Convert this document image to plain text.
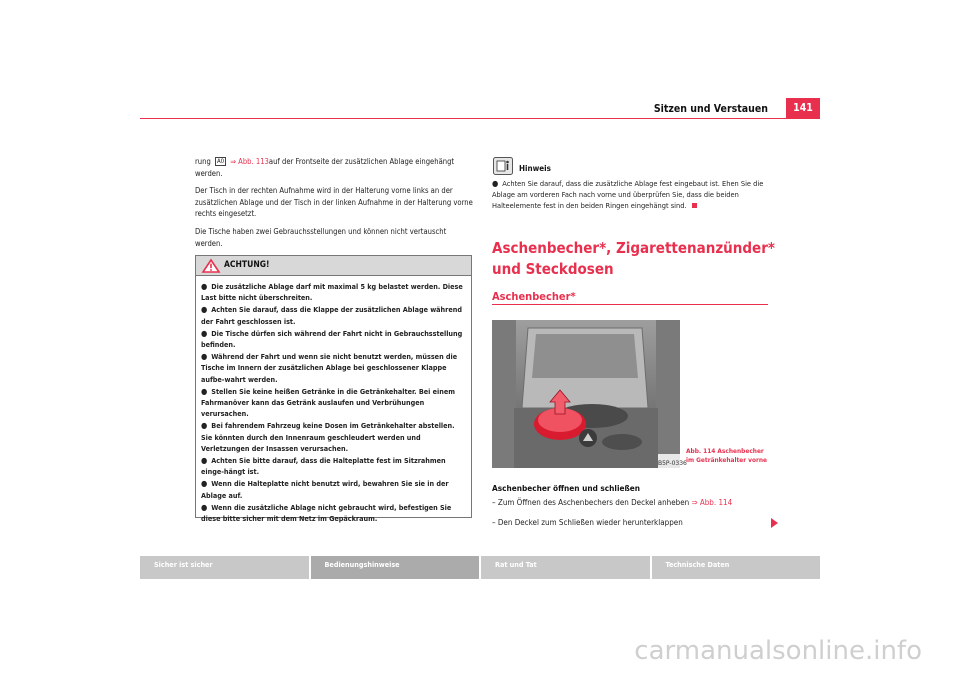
Sitzen und Verstauen	141

rung A0 ⇒ Abb. 113auf der Frontseite der zusätzlichen Ablage eingehängt werden.

Der Tisch in der rechten Aufnahme wird in der Halterung vorne links an der zusätzlichen Ablage und der Tisch in der linken Aufnahme in der Halterung vorne rechts eingesetzt.

Die Tische haben zwei Gebrauchsstellungen und können nicht vertauscht werden.

ACHTUNG!
● Die zusätzliche Ablage darf mit maximal 5 kg belastet werden. Diese Last bitte nicht überschreiten.
● Achten Sie darauf, dass die Klappe der zusätzlichen Ablage während der Fahrt geschlossen ist.
● Die Tische dürfen sich während der Fahrt nicht in Gebrauchsstellung befinden.
● Während der Fahrt und wenn sie nicht benutzt werden, müssen die Tische im Innern der zusätzlichen Ablage bei geschlossener Klappe aufbe-wahrt werden.
● Stellen Sie keine heißen Getränke in die Getränkehalter. Bei einem Fahrmanöver kann das Getränk auslaufen und Verbrühungen verursachen.
● Bei fahrendem Fahrzeug keine Dosen im Getränkehalter abstellen. Sie könnten durch den Innenraum geschleudert werden und Verletzungen der Insassen verursachen.
● Achten Sie bitte darauf, dass die Halteplatte fest im Sitzrahmen einge-hängt ist.
● Wenn die Halteplatte nicht benutzt wird, bewahren Sie sie in der Ablage auf.
● Wenn die zusätzliche Ablage nicht gebraucht wird, befestigen Sie diese bitte sicher mit dem Netz im Gepäckraum.
Hinweis
● Achten Sie darauf, dass die zusätzliche Ablage fest eingebaut ist. Ehen Sie die Ablage am vorderen Fach nach vorne und überprüfen Sie, dass die beiden Halteelemente fest in den beiden Ringen eingehängt sind.
Aschenbecher*, Zigarettenanzünder* und Steckdosen
Aschenbecher*
B5P-0336
Abb. 114 Aschenbecher
im Getränkehalter vorne
Aschenbecher öffnen und schließen
– Zum Öffnen des Aschenbechers den Deckel anheben ⇒ Abb. 114
– Den Deckel zum Schließen wieder herunterklappen
Sicher ist sicher	Bedienungshinweise	Rat und Tat	Technische Daten
carmanualsonline.info
